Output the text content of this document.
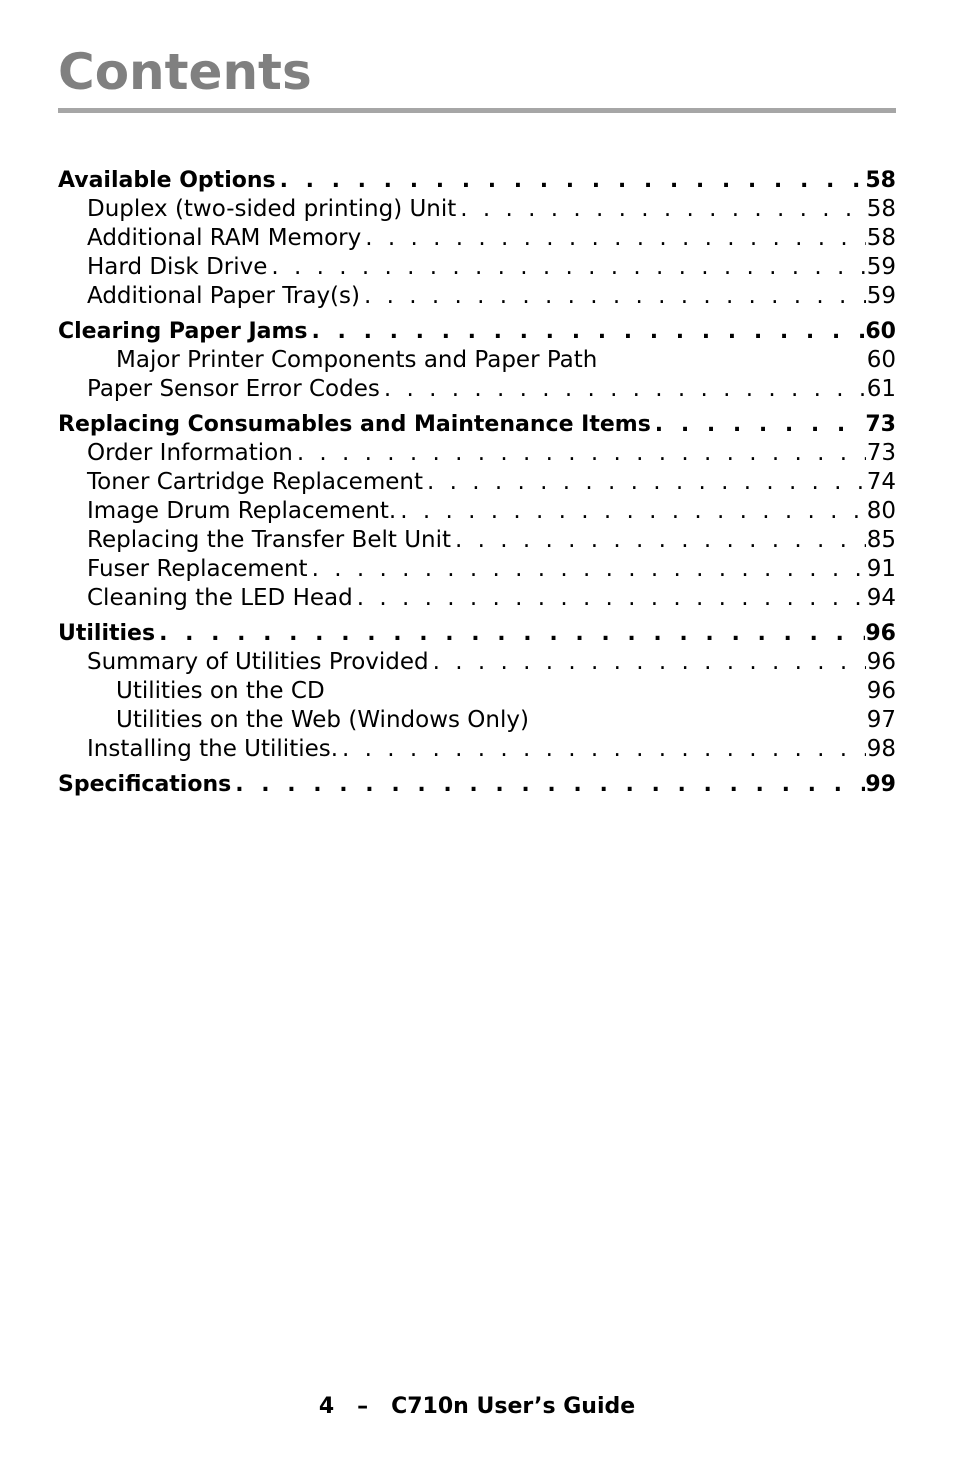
Contents
Available Options . . .	58
Duplex (two-sided printing) Unit . . .	58
Additional RAM Memory . . .	58
Hard Disk Drive . . .	59
Additional Paper Tray(s) . . .	59
Clearing Paper Jams . . .	60
Major Printer Components and Paper Path	60
Paper Sensor Error Codes . . .	61
Replacing Consumables and Maintenance Items . . .	73
Order Information . . .	73
Toner Cartridge Replacement . . .	74
Image Drum Replacement. . . .	80
Replacing the Transfer Belt Unit . . .	85
Fuser Replacement . . .	91
Cleaning the LED Head . . .	94
Utilities . . .	96
Summary of Utilities Provided . . .	96
Utilities on the CD	96
Utilities on the Web (Windows Only)	97
Installing the Utilities. . . .	98
Specifications . . .	99
4 – C710n User’s Guide
